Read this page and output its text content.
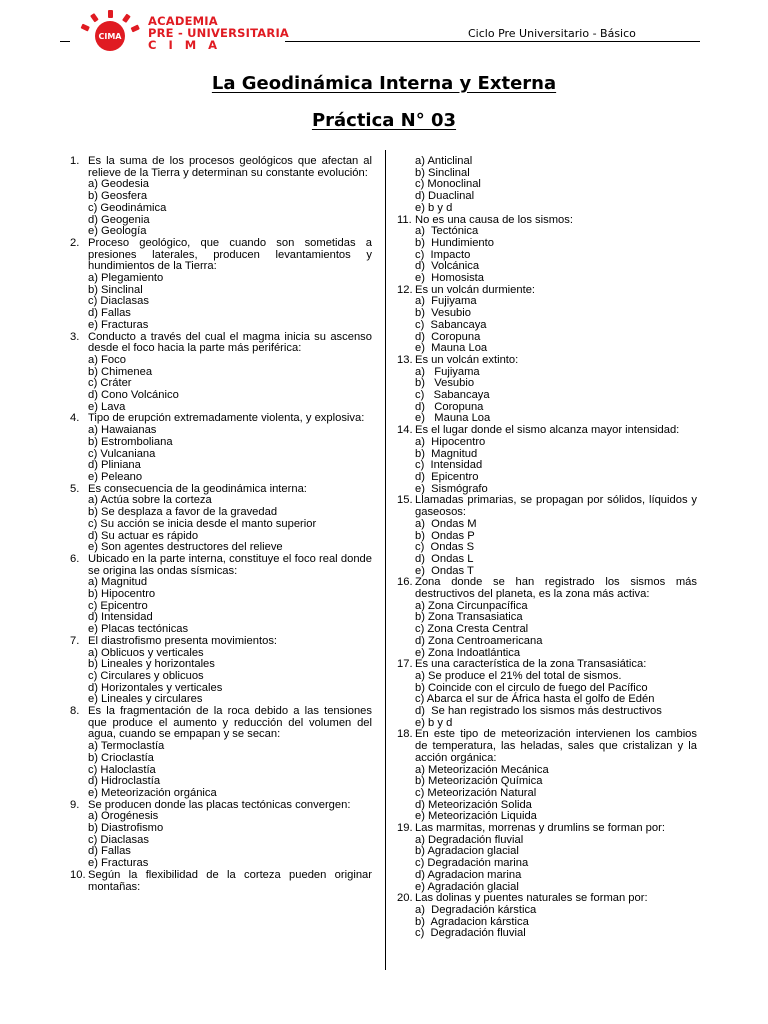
CIMA
ACADEMIA
PRE - UNIVERSITARIA
C I M A
Ciclo Pre Universitario - Básico
La Geodinámica Interna y Externa
Práctica N° 03
1. Es la suma de los procesos geológicos que afectan al relieve de la Tierra y determinan su constante evolución:
a) Geodesia
b) Geosfera
c) Geodinámica
d) Geogenia
e) Geología
2. Proceso geológico, que cuando son sometidas a presiones laterales, producen levantamientos y hundimientos de la Tierra:
a) Plegamiento
b) Sinclinal
c) Diaclasas
d) Fallas
e) Fracturas
3. Conducto a través del cual el magma inicia su ascenso desde el foco hacia la parte más periférica:
a) Foco
b) Chimenea
c) Cráter
d) Cono Volcánico
e) Lava
4. Tipo de erupción extremadamente violenta, y explosiva:
a) Hawaianas
b) Estromboliana
c) Vulcaniana
d) Pliniana
e) Peleano
5. Es consecuencia de la geodinámica interna:
a) Actúa sobre la corteza
b) Se desplaza a favor de la gravedad
c) Su acción se inicia desde el manto superior
d) Su actuar es rápido
e) Son agentes destructores del relieve
6. Ubicado en la parte interna, constituye el foco real donde se origina las ondas sísmicas:
a) Magnitud
b) Hipocentro
c) Epicentro
d) Intensidad
e) Placas tectónicas
7. El diastrofismo presenta movimientos:
a) Oblicuos y verticales
b) Lineales y horizontales
c) Circulares y oblicuos
d) Horizontales y verticales
e) Lineales y circulares
8. Es la fragmentación de la roca debido a las tensiones que produce el aumento y reducción del volumen del agua, cuando se empapan y se secan:
a) Termoclastía
b) Crioclastía
c) Haloclastía
d) Hidroclastía
e) Meteorización orgánica
9. Se producen donde las placas tectónicas convergen:
a) Orogénesis
b) Diastrofismo
c) Diaclasas
d) Fallas
e) Fracturas
10. Según la flexibilidad de la corteza pueden originar montañas:
a) Anticlinal
b) Sinclinal
c) Monoclinal
d) Duaclinal
e) b y d
11. No es una causa de los sismos:
a)  Tectónica
b)  Hundimiento
c)  Impacto
d)  Volcánica
e)  Homosista
12. Es un volcán durmiente:
a)  Fujiyama
b)  Vesubio
c)  Sabancaya
d)  Coropuna
e)  Mauna Loa
13. Es un volcán extinto:
a)   Fujiyama
b)   Vesubio
c)   Sabancaya
d)   Coropuna
e)   Mauna Loa
14. Es el lugar donde el sismo alcanza mayor intensidad:
a)  Hipocentro
b)  Magnitud
c)  Intensidad
d)  Epicentro
e)  Sismógrafo
15. Llamadas primarias, se propagan por sólidos, líquidos y gaseosos:
a)  Ondas M
b)  Ondas P
c)  Ondas S
d)  Ondas L
e)  Ondas T
16. Zona donde se han registrado los sismos más destructivos del planeta, es la zona más activa:
a) Zona Circunpacífica
b) Zona Transasiatica
c) Zona Cresta Central
d) Zona Centroamericana
e) Zona Indoatlántica
17. Es una característica de la zona Transasiática:
a) Se produce el 21% del total de sismos.
b) Coincide con el circulo de fuego del Pacífico
c) Abarca el sur de África hasta el golfo de Edén
d)  Se han registrado los sismos más destructivos
e) b y d
18. En este tipo de meteorización intervienen los cambios de temperatura, las heladas, sales que cristalizan y la acción orgánica:
a) Meteorización Mecánica
b) Meteorización Química
c) Meteorización Natural
d) Meteorización Solida
e) Meteorización Liquida
19. Las marmitas, morrenas y drumlins se forman por:
a) Degradación fluvial
b) Agradacion glacial
c) Degradación marina
d) Agradacion marina
e) Agradación glacial
20. Las dolinas y puentes naturales se forman por:
a)  Degradación kárstica
b)  Agradacion kárstica
c)  Degradación fluvial
